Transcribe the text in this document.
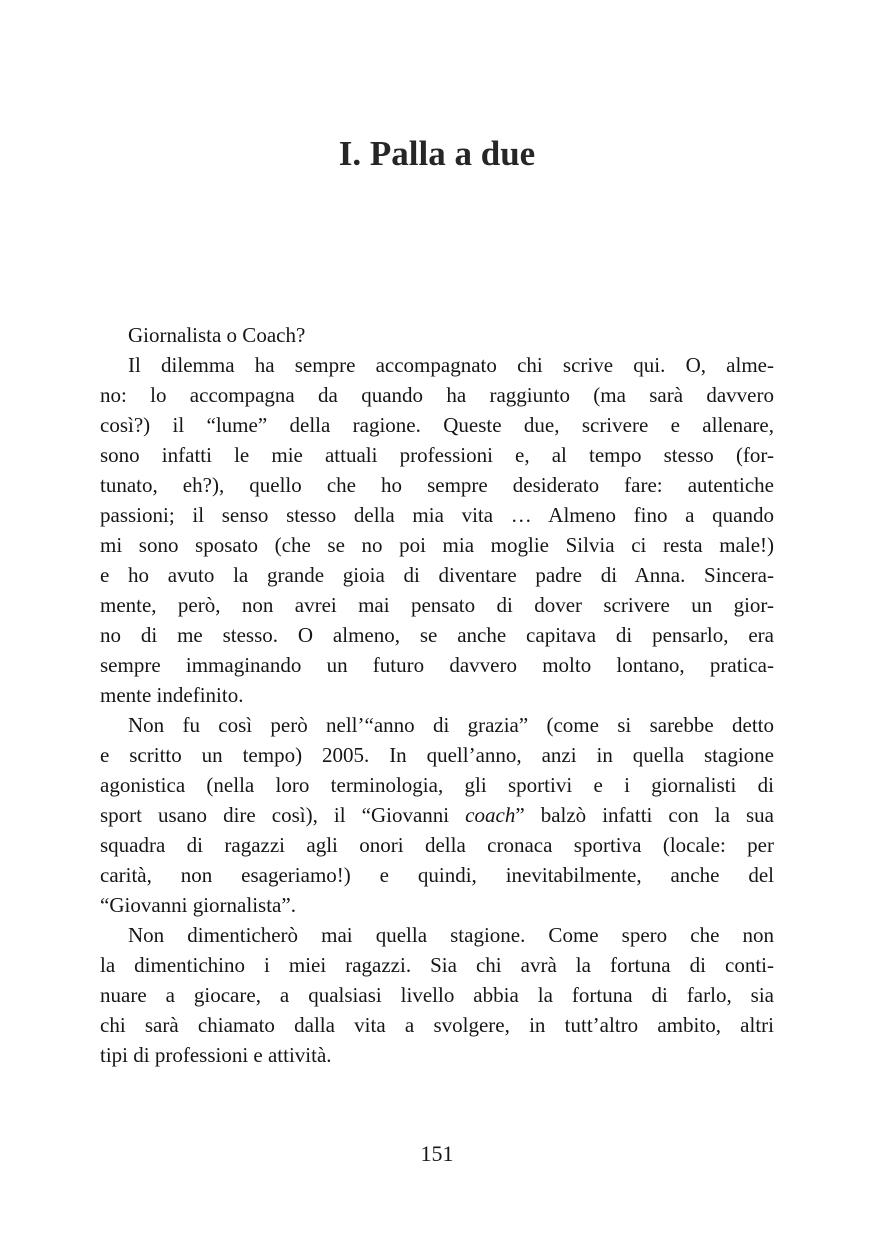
I. Palla a due
Giornalista o Coach?
Il dilemma ha sempre accompagnato chi scrive qui. O, alme-
no: lo accompagna da quando ha raggiunto (ma sarà davvero
così?) il “lume” della ragione. Queste due, scrivere e allenare,
sono infatti le mie attuali professioni e, al tempo stesso (for-
tunato, eh?), quello che ho sempre desiderato fare: autentiche
passioni; il senso stesso della mia vita … Almeno fino a quando
mi sono sposato (che se no poi mia moglie Silvia ci resta male!)
e ho avuto la grande gioia di diventare padre di Anna. Sincera-
mente, però, non avrei mai pensato di dover scrivere un gior-
no di me stesso. O almeno, se anche capitava di pensarlo, era
sempre immaginando un futuro davvero molto lontano, pratica-
mente indefinito.
Non fu così però nell’“anno di grazia” (come si sarebbe detto
e scritto un tempo) 2005. In quell’anno, anzi in quella stagione
agonistica (nella loro terminologia, gli sportivi e i giornalisti di
sport usano dire così), il “Giovanni coach” balzò infatti con la sua
squadra di ragazzi agli onori della cronaca sportiva (locale: per
carità, non esageriamo!) e quindi, inevitabilmente, anche del
“Giovanni giornalista”.
Non dimenticherò mai quella stagione. Come spero che non
la dimentichino i miei ragazzi. Sia chi avrà la fortuna di conti-
nuare a giocare, a qualsiasi livello abbia la fortuna di farlo, sia
chi sarà chiamato dalla vita a svolgere, in tutt’altro ambito, altri
tipi di professioni e attività.
151
